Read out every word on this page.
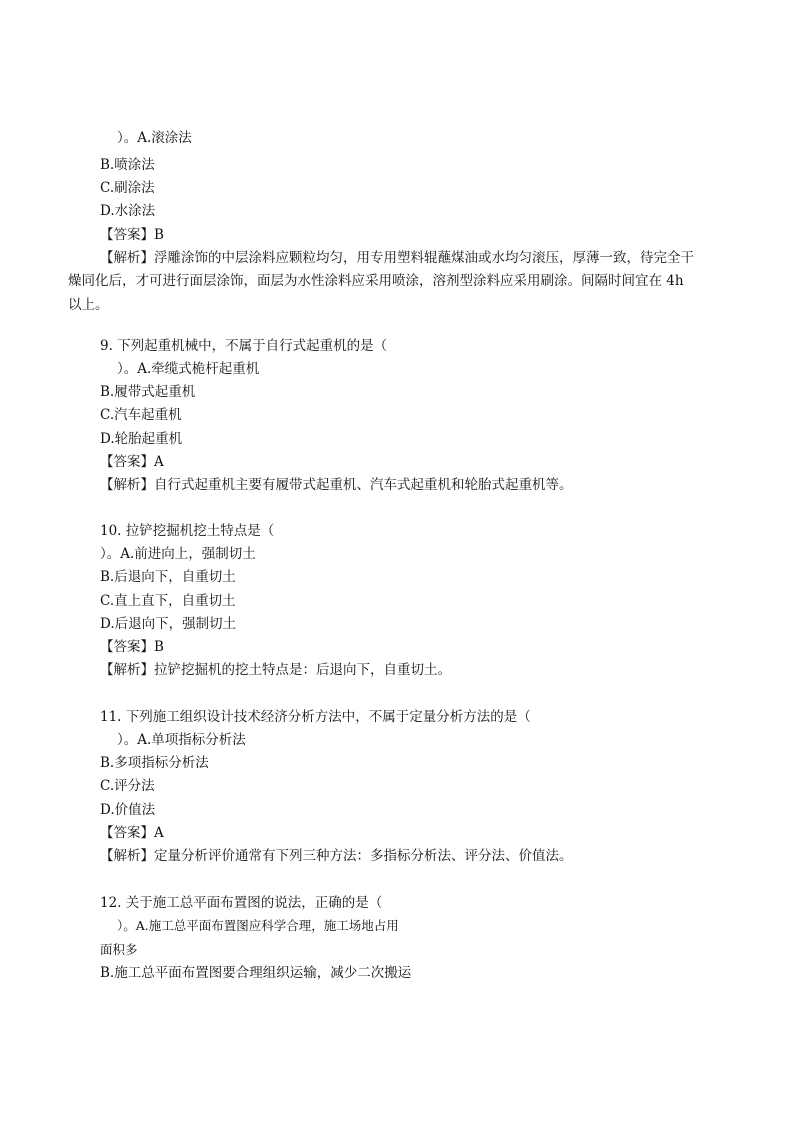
）。A.滚涂法
B.喷涂法
C.刷涂法
D.水涂法
【答案】B
【解析】浮雕涂饰的中层涂料应颗粒均匀，用专用塑料辊蘸煤油或水均匀滚压，厚薄一致，待完全干
燥同化后，才可进行面层涂饰，面层为水性涂料应采用喷涂，溶剂型涂料应采用刷涂。间隔时间宜在 4h
以上。
9. 下列起重机械中，不属于自行式起重机的是（
）。A.牵缆式桅杆起重机
B.履带式起重机
C.汽车起重机
D.轮胎起重机
【答案】A
【解析】自行式起重机主要有履带式起重机、汽车式起重机和轮胎式起重机等。
10. 拉铲挖掘机挖土特点是（
）。A.前进向上，强制切土
B.后退向下，自重切土
C.直上直下，自重切土
D.后退向下，强制切土
【答案】B
【解析】拉铲挖掘机的挖土特点是：后退向下，自重切土。
11. 下列施工组织设计技术经济分析方法中，不属于定量分析方法的是（
）。A.单项指标分析法
B.多项指标分析法
C.评分法
D.价值法
【答案】A
【解析】定量分析评价通常有下列三种方法：多指标分析法、评分法、价值法。
12. 关于施工总平面布置图的说法，正确的是（
）。A.施工总平面布置图应科学合理，施工场地占用
面积多
B.施工总平面布置图要合理组织运输，减少二次搬运
